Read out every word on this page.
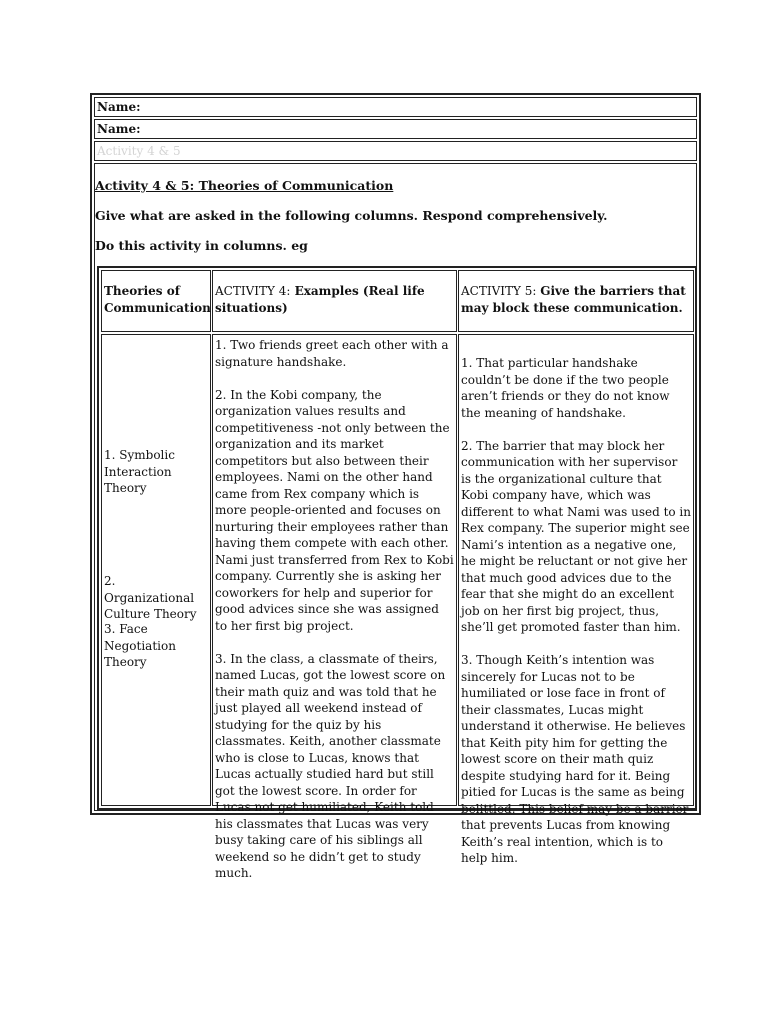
Name:
Name:
Activity 4 & 5
Activity 4 & 5: Theories of Communication
Give what are asked in the following columns. Respond comprehensively.
Do this activity in columns. eg
Theories of Communication
ACTIVITY 4: Examples (Real life situations)
ACTIVITY 5: Give the barriers that may block these communication.
1. Symbolic Interaction Theory
2. Organizational Culture Theory
3. Face Negotiation Theory

1. Two friends greet each other with a signature handshake.

2. In the Kobi company, the organization values results and competitiveness -not only between the organization and its market competitors but also between their employees. Nami on the other hand came from Rex company which is more people-oriented and focuses on nurturing their employees rather than having them compete with each other. Nami just transferred from Rex to Kobi company. Currently she is asking her coworkers for help and superior for good advices since she was assigned to her first big project.

3. In the class, a classmate of theirs, named Lucas, got the lowest score on their math quiz and was told that he just played all weekend instead of studying for the quiz by his classmates. Keith, another classmate who is close to Lucas, knows that Lucas actually studied hard but still got the lowest score. In order for Lucas not get humiliated, Keith told his classmates that Lucas was very busy taking care of his siblings all weekend so he didn’t get to study much.

1. That particular handshake couldn’t be done if the two people aren’t friends or they do not know the meaning of handshake.

2. The barrier that may block her communication with her supervisor is the organizational culture that Kobi company have, which was different to what Nami was used to in Rex company. The superior might see Nami’s intention as a negative one, he might be reluctant or not give her that much good advices due to the fear that she might do an excellent job on her first big project, thus, she’ll get promoted faster than him.

3. Though Keith’s intention was sincerely for Lucas not to be humiliated or lose face in front of their classmates, Lucas might understand it otherwise. He believes that Keith pity him for getting the lowest score on their math quiz despite studying hard for it. Being pitied for Lucas is the same as being belittled. This belief may be a barrier that prevents Lucas from knowing Keith’s real intention, which is to help him.
